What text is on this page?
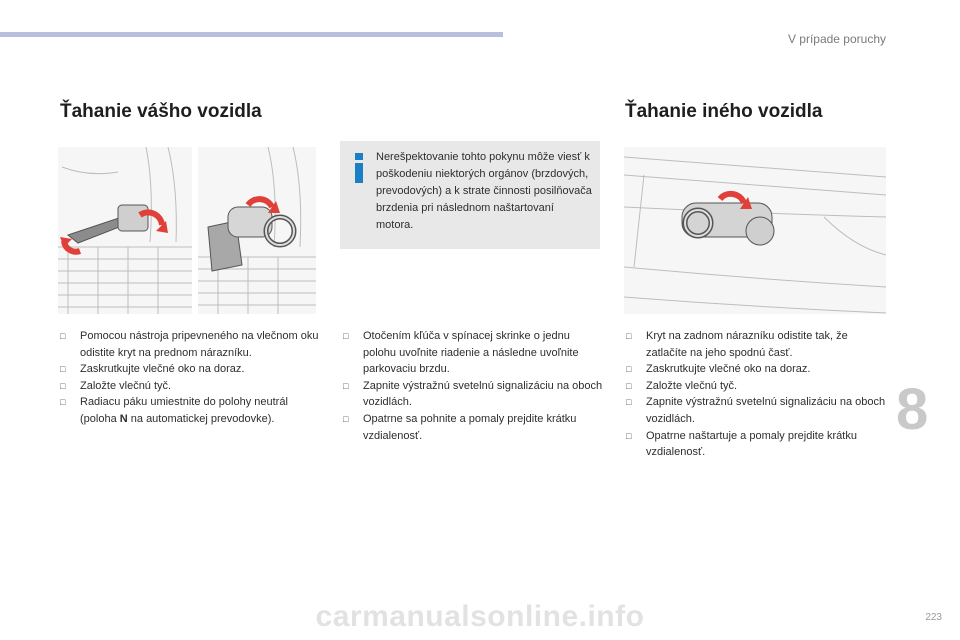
V prípade poruchy
Ťahanie vášho vozidla	Ťahanie iného vozidla
Nerešpektovanie tohto pokynu môže viesť k poškodeniu niektorých orgánov (brzdových, prevodových) a k strate činnosti posilňovača brzdenia pri následnom naštartovaní motora.
□ Pomocou nástroja pripevneného na vlečnom oku odistite kryt na prednom nárazníku.
□ Zaskrutkujte vlečné oko na doraz.
□ Založte vlečnú tyč.
□ Radiacu páku umiestnite do polohy neutrál (poloha N na automatickej prevodovke).
□ Otočením kľúča v spínacej skrinke o jednu polohu uvoľnite riadenie a následne uvoľnite parkovaciu brzdu.
□ Zapnite výstražnú svetelnú signalizáciu na oboch vozidlách.
□ Opatrne sa pohnite a pomaly prejdite krátku vzdialenosť.
□ Kryt na zadnom nárazníku odistite tak, že zatlačíte na jeho spodnú časť.
□ Zaskrutkujte vlečné oko na doraz.
□ Založte vlečnú tyč.
□ Zapnite výstražnú svetelnú signalizáciu na oboch vozidlách.
□ Opatrne naštartuje a pomaly prejdite krátku vzdialenosť.
8
carmanualsonline.info	223
